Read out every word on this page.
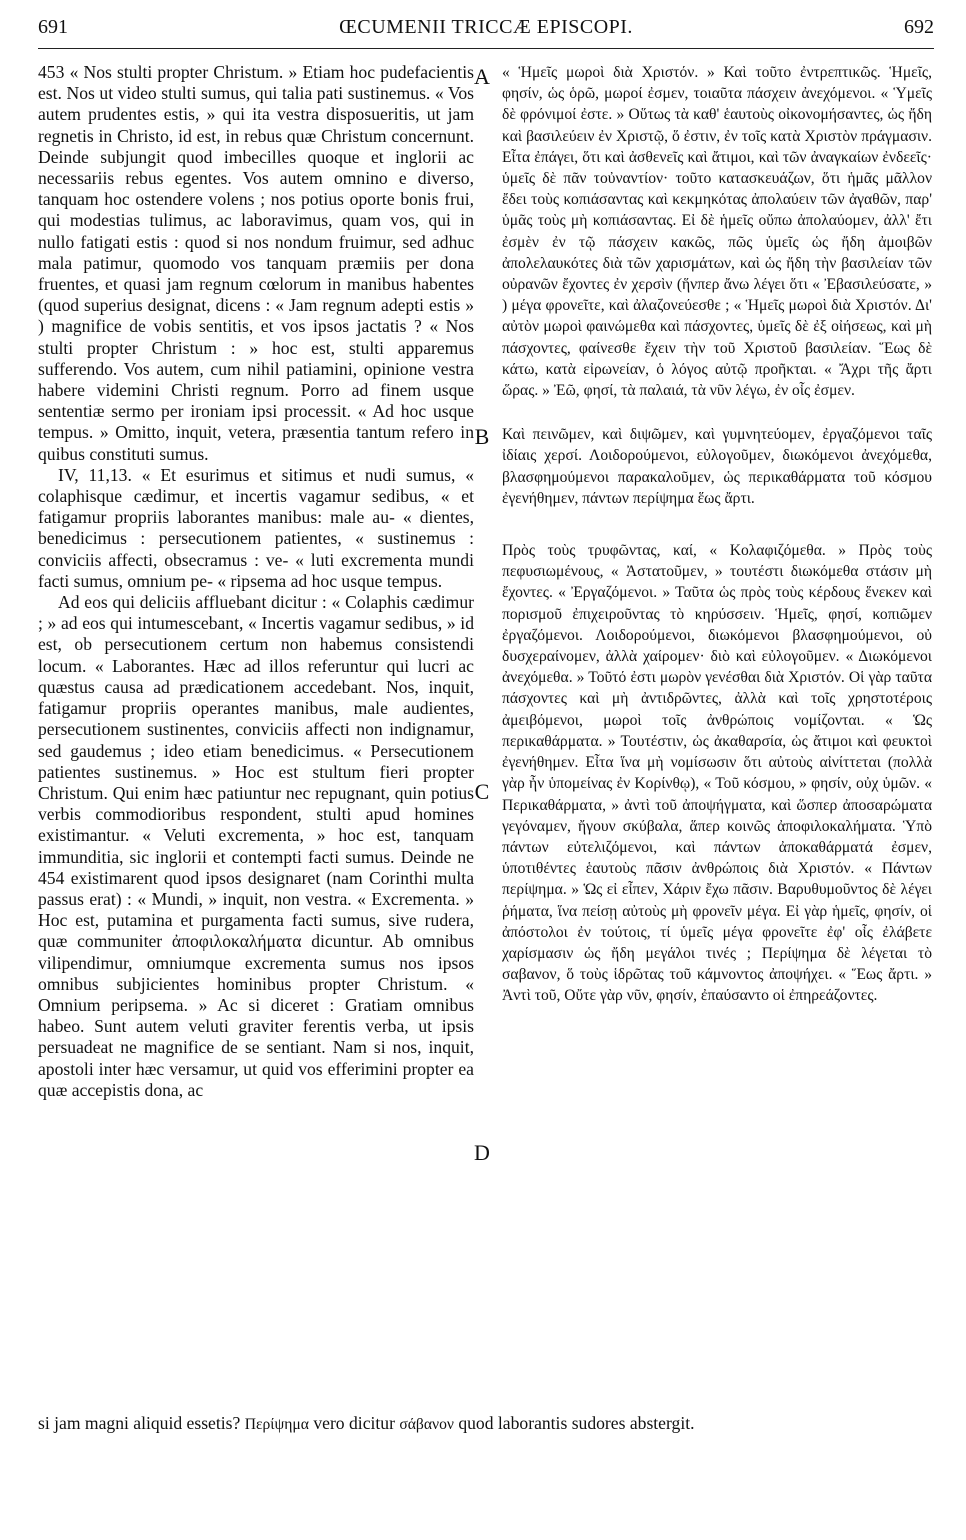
691	ŒCUMENII TRICCÆ EPISCOPI.	692
A
B
C
D

453 « Nos stulti propter Christum. » Etiam hoc pudefacientis est. Nos ut video stulti sumus, qui talia pati sustinemus. « Vos autem prudentes estis, » qui ita vestra disposueritis, ut jam regnetis in Christo, id est, in rebus quæ Christum concernunt. Deinde subjungit quod imbecilles quoque et inglorii ac necessariis rebus egentes. Vos autem omnino e diverso, tanquam hoc ostendere volens ; nos potius oporte bonis frui, qui modestias tulimus, ac laboravimus, quam vos, qui in nullo fatigati estis : quod si nos nondum fruimur, sed adhuc mala patimur, quomodo vos tanquam præmiis per dona fruentes, et quasi jam regnum cœlorum in manibus habentes (quod superius designat, dicens : « Jam regnum adepti estis » ) magnifice de vobis sentitis, et vos ipsos jactatis ? « Nos stulti propter Christum : » hoc est, stulti apparemus sufferendo. Vos autem, cum nihil patiamini, opinione vestra habere videmini Christi regnum. Porro ad finem usque sententiæ sermo per ironiam ipsi processit. « Ad hoc usque tempus. » Omitto, inquit, vetera, præsentia tantum refero in quibus constituti sumus.

IV, 11,13. « Et esurimus et sitimus et nudi sumus, « colaphisque cædimur, et incertis vagamur sedibus, « et fatigamur propriis laborantes manibus: male au- « dientes, benedicimus : persecutionem patientes, « sustinemus : conviciis affecti, obsecramus : ve- « luti excrementa mundi facti sumus, omnium pe- « ripsema ad hoc usque tempus.

Ad eos qui deliciis affluebant dicitur : « Colaphis cædimur ; » ad eos qui intumescebant, « Incertis vagamur sedibus, » id est, ob persecutionem certum non habemus consistendi locum. « Laborantes. Hæc ad illos referuntur qui lucri ac quæstus causa ad prædicationem accedebant. Nos, inquit, fatigamur propriis operantes manibus, male audientes, persecutionem sustinentes, conviciis affecti non indignamur, sed gaudemus ; ideo etiam benedicimus. « Persecutionem patientes sustinemus. » Hoc est stultum fieri propter Christum. Qui enim hæc patiuntur nec repugnant, quin potius verbis commodioribus respondent, stulti apud homines existimantur. « Veluti excrementa, » hoc est, tanquam immunditia, sic inglorii et contempti facti sumus. Deinde ne 454 existimarent quod ipsos designaret (nam Corinthi multa passus erat) : « Mundi, » inquit, non vestra. « Excrementa. » Hoc est, putamina et purgamenta facti sumus, sive rudera, quæ communiter ἀποφιλοκαλήματα dicuntur. Ab omnibus vilipendimur, omniumque excrementa sumus nos ipsos omnibus subjicientes hominibus propter Christum. « Omnium peripsema. » Ac si diceret : Gratiam omnibus habeo. Sunt autem veluti graviter ferentis verba, ut ipsis persuadeat ne magnifice de se sentiant. Nam si nos, inquit, apostoli inter hæc versamur, ut quid vos efferimini propter ea quæ accepistis dona, ac

« Ἡμεῖς μωροὶ διὰ Χριστόν. » Καὶ τοῦτο ἐντρεπτικῶς. Ἡμεῖς, φησίν, ὡς ὁρῶ, μωροί ἐσμεν, τοιαῦτα πάσχειν ἀνεχόμενοι. « Ὑμεῖς δὲ φρόνιμοί ἐστε. » Οὕτως τὰ καθ' ἑαυτοὺς οἰκονομήσαντες, ὡς ἤδη καὶ βασιλεύειν ἐν Χριστῷ, ὅ ἐστιν, ἐν τοῖς κατὰ Χριστὸν πράγμασιν. Εἶτα ἐπάγει, ὅτι καὶ ἀσθενεῖς καὶ ἄτιμοι, καὶ τῶν ἀναγκαίων ἐνδεεῖς· ὑμεῖς δὲ πᾶν τοὐναντίον· τοῦτο κατασκευάζων, ὅτι ἡμᾶς μᾶλλον ἔδει τοὺς κοπιάσαντας καὶ κεκμηκότας ἀπολαύειν τῶν ἀγαθῶν, παρ' ὑμᾶς τοὺς μὴ κοπιάσαντας. Εἰ δὲ ἡμεῖς οὔπω ἀπολαύομεν, ἀλλ' ἔτι ἐσμὲν ἐν τῷ πάσχειν κακῶς, πῶς ὑμεῖς ὡς ἤδη ἀμοιβῶν ἀπολελαυκότες διὰ τῶν χαρισμάτων, καὶ ὡς ἤδη τὴν βασιλείαν τῶν οὐρανῶν ἔχοντες ἐν χερσὶν (ἥνπερ ἄνω λέγει ὅτι « Ἐβασιλεύσατε, » ) μέγα φρονεῖτε, καὶ ἀλαζονεύεσθε ; « Ἡμεῖς μωροὶ διὰ Χριστόν. Δι' αὐτὸν μωροὶ φαινώμεθα καὶ πάσχοντες, ὑμεῖς δὲ ἐξ οἰήσεως, καὶ μὴ πάσχοντες, φαίνεσθε ἔχειν τὴν τοῦ Χριστοῦ βασιλείαν. Ἕως δὲ κάτω, κατὰ εἰρωνείαν, ὁ λόγος αὐτῷ προῆκται. « Ἄχρι τῆς ἄρτι ὥρας. » Ἐῶ, φησί, τὰ παλαιά, τὰ νῦν λέγω, ἐν οἷς ἐσμεν.

Καὶ πεινῶμεν, καὶ διψῶμεν, καὶ γυμνητεύομεν, ἐργαζόμενοι ταῖς ἰδίαις χερσί. Λοιδορούμενοι, εὐλογοῦμεν, διωκόμενοι ἀνεχόμεθα, βλασφημούμενοι παρακαλοῦμεν, ὡς περικαθάρματα τοῦ κόσμου ἐγενήθημεν, πάντων περίψημα ἕως ἄρτι.

Πρὸς τοὺς τρυφῶντας, καί, « Κολαφιζόμεθα. » Πρὸς τοὺς πεφυσιωμένους, « Ἀστατοῦμεν, » τουτέστι διωκόμεθα στάσιν μὴ ἔχοντες. « Ἐργαζόμενοι. » Ταῦτα ὡς πρὸς τοὺς κέρδους ἕνεκεν καὶ πορισμοῦ ἐπιχειροῦντας τὸ κηρύσσειν. Ἡμεῖς, φησί, κοπιῶμεν ἐργαζόμενοι. Λοιδορούμενοι, διωκόμενοι βλασφημούμενοι, οὐ δυσχεραίνομεν, ἀλλὰ χαίρομεν· διὸ καὶ εὐλογοῦμεν. « Διωκόμενοι ἀνεχόμεθα. » Τοῦτό ἐστι μωρὸν γενέσθαι διὰ Χριστόν. Οἱ γὰρ ταῦτα πάσχοντες καὶ μὴ ἀντιδρῶντες, ἀλλὰ καὶ τοῖς χρηστοτέροις ἀμειβόμενοι, μωροὶ τοῖς ἀνθρώποις νομίζονται. « Ὡς περικαθάρματα. » Τουτέστιν, ὡς ἀκαθαρσία, ὡς ἄτιμοι καὶ φευκτοὶ ἐγενήθημεν. Εἶτα ἵνα μὴ νομίσωσιν ὅτι αὐτοὺς αἰνίττεται (πολλὰ γὰρ ἦν ὑπομείνας ἐν Κορίνθῳ), « Τοῦ κόσμου, » φησίν, οὐχ ὑμῶν. « Περικαθάρματα, » ἀντὶ τοῦ ἀποψήγματα, καὶ ὥσπερ ἀποσαρώματα γεγόναμεν, ἤγουν σκύβαλα, ἅπερ κοινῶς ἀποφιλοκαλήματα. Ὑπὸ πάντων εὐτελιζόμενοι, καὶ πάντων ἀποκαθάρματά ἐσμεν, ὑποτιθέντες ἑαυτοὺς πᾶσιν ἀνθρώποις διὰ Χριστόν. « Πάντων περίψημα. » Ὡς εἰ εἶπεν, Χάριν ἔχω πᾶσιν. Βαρυθυμοῦντος δὲ λέγει ῥήματα, ἵνα πείσῃ αὐτοὺς μὴ φρονεῖν μέγα. Εἰ γὰρ ἡμεῖς, φησίν, οἱ ἀπόστολοι ἐν τούτοις, τί ὑμεῖς μέγα φρονεῖτε ἐφ' οἷς ἐλάβετε χαρίσμασιν ὡς ἤδη μεγάλοι τινές ; Περίψημα δὲ λέγεται τὸ σαβανον, ὅ τοὺς ἱδρῶτας τοῦ κάμνοντος ἀποψήχει. « Ἕως ἄρτι. » Ἀντὶ τοῦ, Οὔτε γὰρ νῦν, φησίν, ἐπαύσαντο οἱ ἐπηρεάζοντες.

si jam magni aliquid essetis? Περίψημα vero dicitur σάβανον quod laborantis sudores abstergit.
